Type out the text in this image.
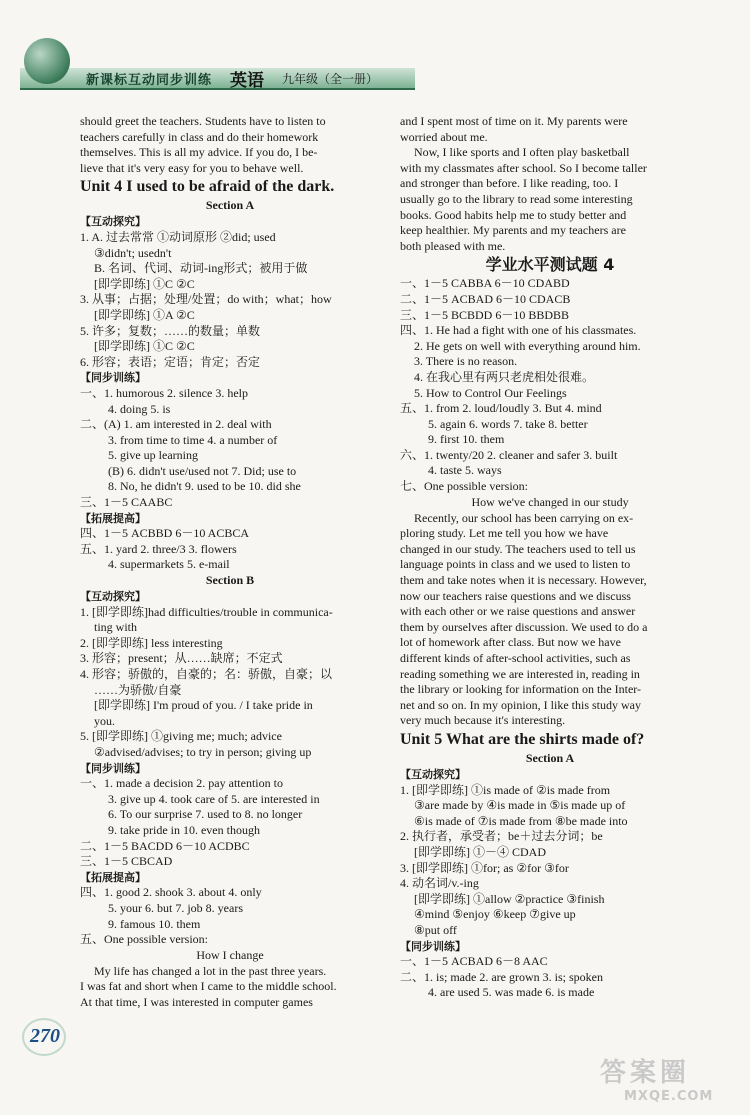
新课标互动同步训练 英语 九年级（全一册）
should greet the teachers. Students have to listen to
teachers carefully in class and do their homework
themselves. This is all my advice. If you do, I be-
lieve that it's very easy for you to behave well.
Unit 4 I used to be afraid of the dark.
Section A
【互动探究】
1. A. 过去常常 ①动词原形 ②did; used
③didn't; usedn't
B. 名词、代词、动词-ing形式；被用于做
[即学即练] ①C ②C
3. 从事；占据；处理/处置；do with；what；how
[即学即练] ①A ②C
5. 许多；复数；……的数量；单数
[即学即练] ①C ②C
6. 形容；表语；定语；肯定；否定
【同步训练】
一、1. humorous 2. silence 3. help
4. doing 5. is
二、(A) 1. am interested in 2. deal with
3. from time to time 4. a number of
5. give up learning
(B) 6. didn't use/used not 7. Did; use to
8. No, he didn't 9. used to be 10. did she
三、1－5 CAABC
【拓展提高】
四、1－5 ACBBD 6－10 ACBCA
五、1. yard 2. three/3 3. flowers
4. supermarkets 5. e-mail
Section B
【互动探究】
1. [即学即练]had difficulties/trouble in communica-
ting with
2. [即学即练] less interesting
3. 形容；present；从……缺席；不定式
4. 形容；骄傲的，自豪的；名：骄傲，自豪；以
……为骄傲/自豪
[即学即练] I'm proud of you. / I take pride in
you.
5. [即学即练] ①giving me; much; advice
②advised/advises; to try in person; giving up
【同步训练】
一、1. made a decision 2. pay attention to
3. give up 4. took care of 5. are interested in
6. To our surprise 7. used to 8. no longer
9. take pride in 10. even though
二、1－5 BACDD 6－10 ACDBC
三、1－5 CBCAD
【拓展提高】
四、1. good 2. shook 3. about 4. only
5. your 6. but 7. job 8. years
9. famous 10. them
五、One possible version:
How I change
My life has changed a lot in the past three years.
I was fat and short when I came to the middle school.
At that time, I was interested in computer games
and I spent most of time on it. My parents were
worried about me.
Now, I like sports and I often play basketball
with my classmates after school. So I become taller
and stronger than before. I like reading, too. I
usually go to the library to read some interesting
books. Good habits help me to study better and
keep healthier. My parents and my teachers are
both pleased with me.
学业水平测试题 4
一、1－5 CABBA 6－10 CDABD
二、1－5 ACBAD 6－10 CDACB
三、1－5 BCBDD 6－10 BBDBB
四、1. He had a fight with one of his classmates.
2. He gets on well with everything around him.
3. There is no reason.
4. 在我心里有两只老虎相处很难。
5. How to Control Our Feelings
五、1. from 2. loud/loudly 3. But 4. mind
5. again 6. words 7. take 8. better
9. first 10. them
六、1. twenty/20 2. cleaner and safer 3. built
4. taste 5. ways
七、One possible version:
How we've changed in our study
Recently, our school has been carrying on ex-
ploring study. Let me tell you how we have
changed in our study. The teachers used to tell us
language points in class and we used to listen to
them and take notes when it is necessary. However,
now our teachers raise questions and we discuss
with each other or we raise questions and answer
them by ourselves after discussion. We used to do a
lot of homework after class. But now we have
different kinds of after-school activities, such as
reading something we are interested in, reading in
the library or looking for information on the Inter-
net and so on. In my opinion, I like this study way
very much because it's interesting.
Unit 5 What are the shirts made of?
Section A
【互动探究】
1. [即学即练] ①is made of ②is made from
③are made by ④is made in ⑤is made up of
⑥is made of ⑦is made from ⑧be made into
2. 执行者，承受者；be＋过去分词；be
[即学即练] ①－④ CDAD
3. [即学即练] ①for; as ②for ③for
4. 动名词/v.-ing
[即学即练] ①allow ②practice ③finish
④mind ⑤enjoy ⑥keep ⑦give up
⑧put off
【同步训练】
一、1－5 ACBAD 6－8 AAC
二、1. is; made 2. are grown 3. is; spoken
4. are used 5. was made 6. is made
270
答案圈
MXQE.COM
